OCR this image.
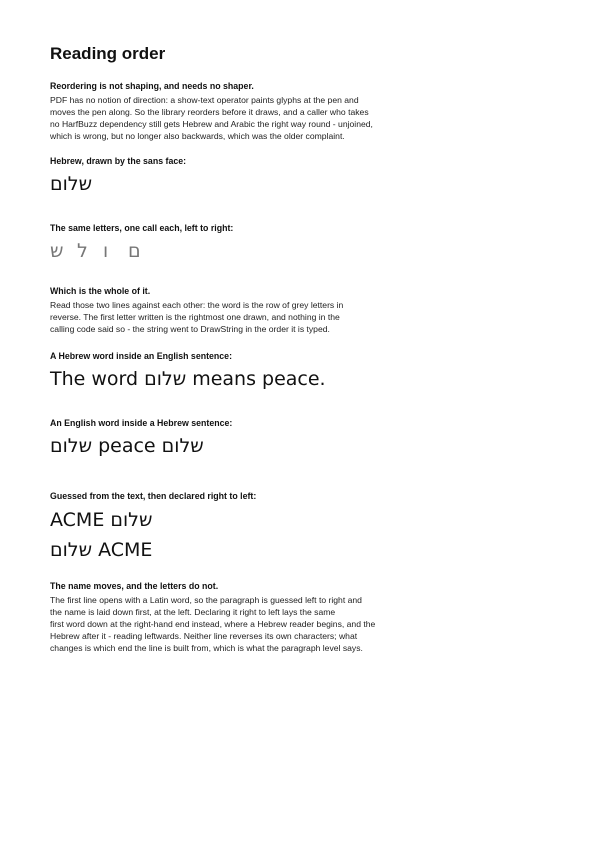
Reading order
Reordering is not shaping, and needs no shaper.
PDF has no notion of direction: a show-text operator paints glyphs at the pen and
moves the pen along. So the library reorders before it draws, and a caller who takes
no HarfBuzz dependency still gets Hebrew and Arabic the right way round - unjoined,
which is wrong, but no longer also backwards, which was the older complaint.
Hebrew, drawn by the sans face:
שלום
The same letters, one call each, left to right:
ש ל ו ם
Which is the whole of it.
Read those two lines against each other: the word is the row of grey letters in
reverse. The first letter written is the rightmost one drawn, and nothing in the
calling code said so - the string went to DrawString in the order it is typed.
A Hebrew word inside an English sentence:
The word שלום means peace.
An English word inside a Hebrew sentence:
שלום peace שלום
Guessed from the text, then declared right to left:
ACME שלום
ACME שלום
The name moves, and the letters do not.
The first line opens with a Latin word, so the paragraph is guessed left to right and
the name is laid down first, at the left. Declaring it right to left lays the same
first word down at the right-hand end instead, where a Hebrew reader begins, and the
Hebrew after it - reading leftwards. Neither line reverses its own characters; what
changes is which end the line is built from, which is what the paragraph level says.
